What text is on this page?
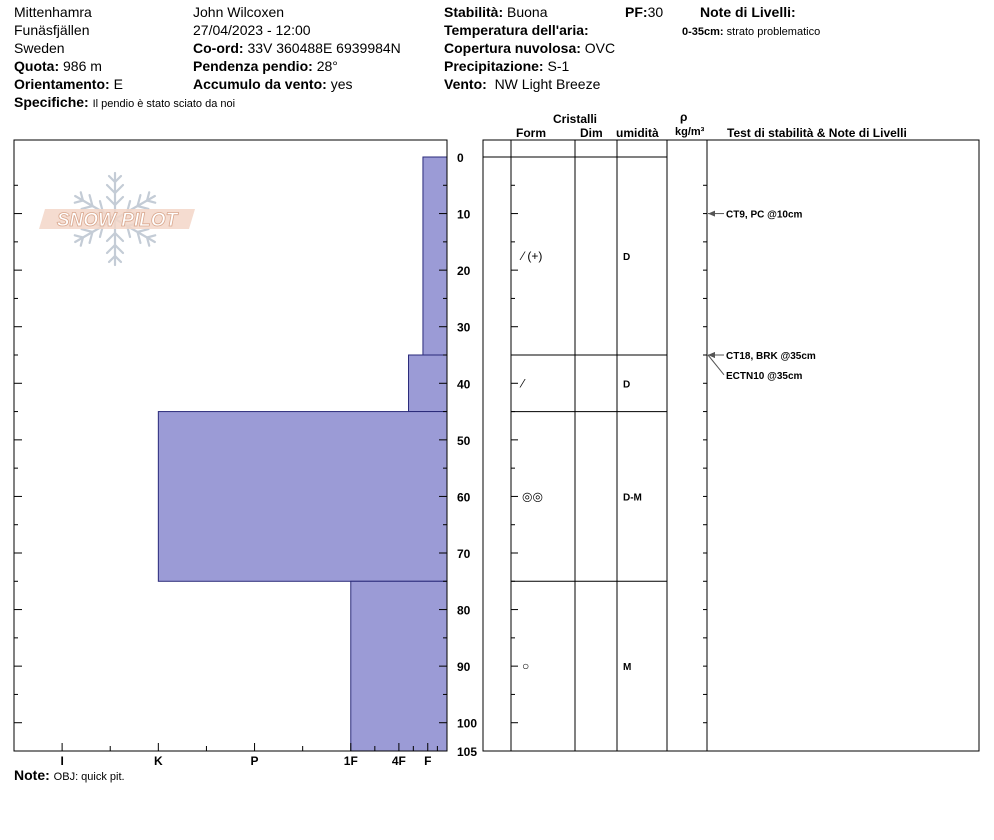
Mittenhamra
Funäsfjällen
Sweden
Quota: 986 m
Orientamento: E
Specifiche: Il pendio è stato sciato da noi
John Wilcoxen
27/04/2023 - 12:00
Co-ord: 33V 360488E 6939984N
Pendenza pendio: 28°
Accumulo da vento: yes
Stabilità: Buona	PF:30
Temperatura dell'aria:
Copertura nuvolosa: OVC
Precipitazione: S-1
Vento: NW Light Breeze
Note di Livelli:
0-35cm: strato problematico
Cristalli
Form	Dim umidità
ρ
kg/m³ Test di stabilità & Note di Livelli
Note: OBJ: quick pit.
SNOW PILOT
0
10
20
30
40
50
60
70
80
90
100
105
I	K	P	1F	4F F
⁄ (+)	D
⁄	D
◎◎	D-M
○	M
CT9, PC @10cm
CT18, BRK @35cm
ECTN10 @35cm
